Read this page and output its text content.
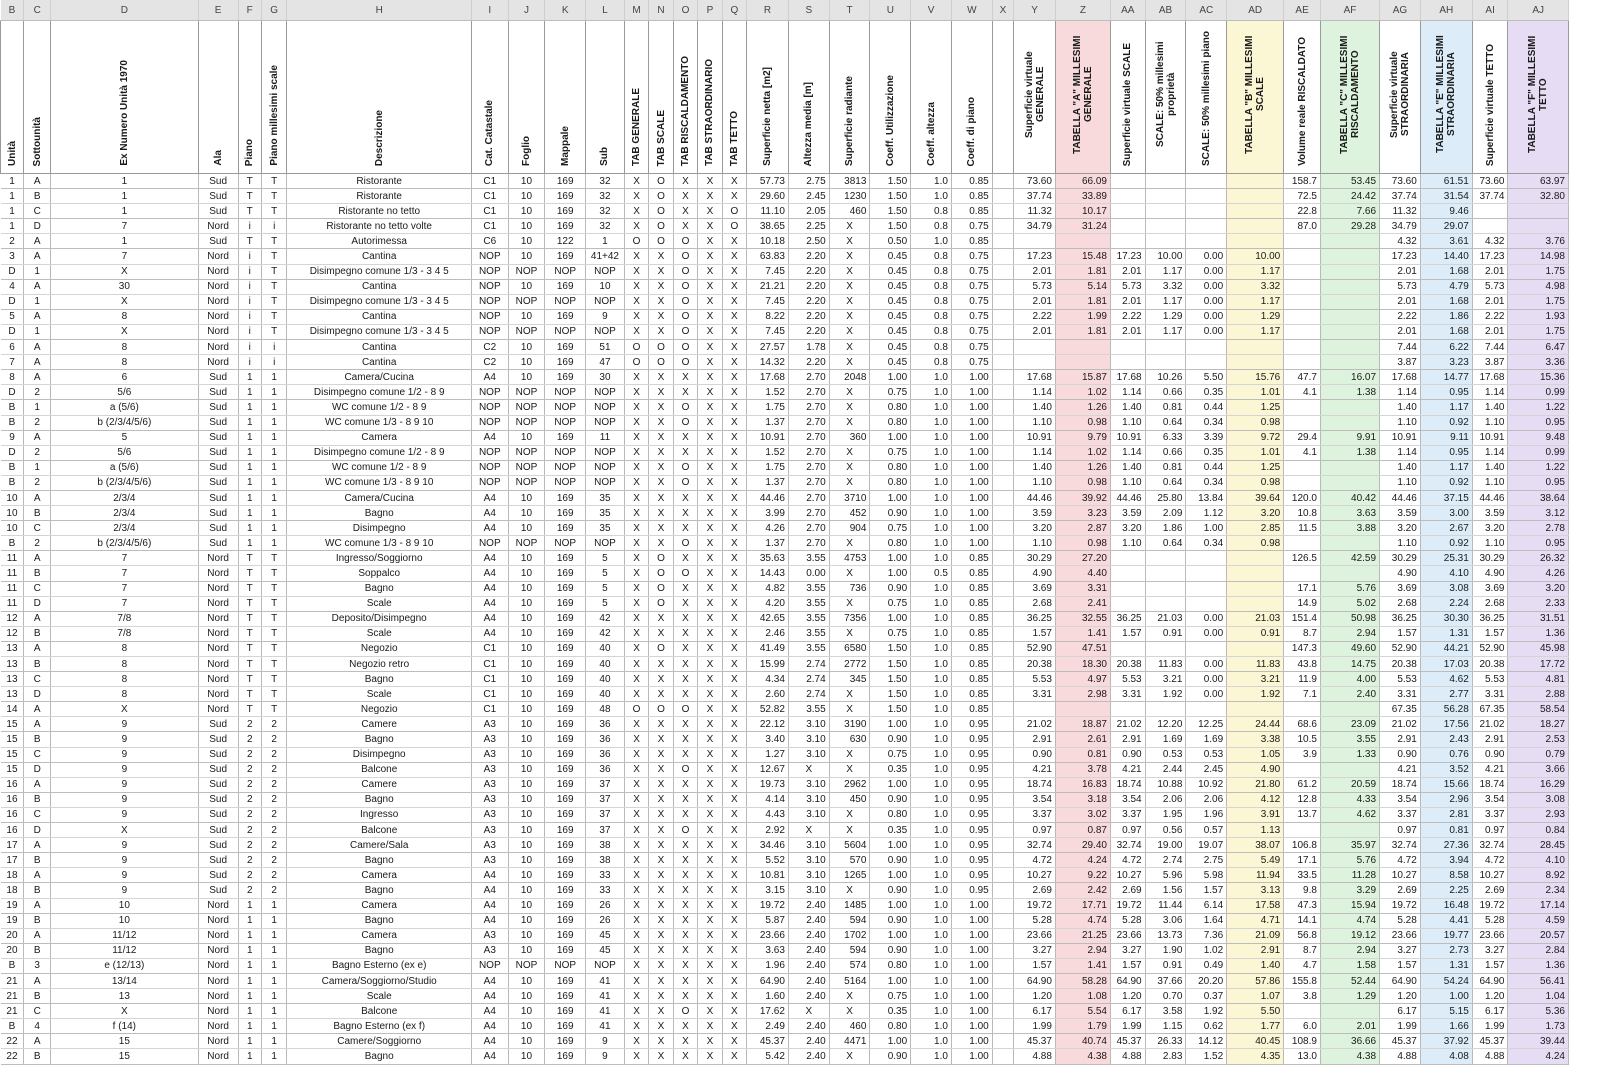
B	C	D	E	F	G	H	I	J	K	L	M	N	O	P	Q	R	S	T	U	V	W	X	Y	Z	AA	AB	AC	AD	AE	AF	AG	AH	AI	AJ
Unità	Sottounità	Ex Numero Unità 1970	Ala	Piano	Piano millesimi scale	Descrizione	Cat. Catastale	Foglio	Mappale	Sub	TAB GENERALE	TAB SCALE	TAB RISCALDAMENTO	TAB STRAORDINARIO	TAB TETTO	Superficie netta [m2]	Altezza media [m]	Superficie radiante	Coeff. Utilizzazione	Coeff. altezza	Coeff. di piano		Superficie virtuale GENERALE	TABELLA "A" MILLESIMI GENERALE	Superficie virtuale SCALE	SCALE: 50% millesimi proprietà	SCALE: 50% millesimi piano	TABELLA "B" MILLESIMI SCALE	Volume reale RISCALDATO	TABELLA "C" MILLESIMI RISCALDAMENTO	Superficie virtuale STRAORDINARIA	TABELLA "E" MILLESIMI STRAORDINARIA	Superficie virtuale TETTO	TABELLA "F" MILLESIMI TETTO
1	A	1	Sud	T	T	Ristorante	C1	10	169	32	X	O	X	X	X	57.73	2.75	3813	1.50	1.0	0.85		73.60	66.09					158.7	53.45	73.60	61.51	73.60	63.97
1	B	1	Sud	T	T	Ristorante	C1	10	169	32	X	O	X	X	X	29.60	2.45	1230	1.50	1.0	0.85		37.74	33.89					72.5	24.42	37.74	31.54	37.74	32.80
1	C	1	Sud	T	T	Ristorante no tetto	C1	10	169	32	X	O	X	X	O	11.10	2.05	460	1.50	0.8	0.85		11.32	10.17					22.8	7.66	11.32	9.46		
1	D	7	Nord	i	i	Ristorante no tetto volte	C1	10	169	32	X	O	X	X	O	38.65	2.25	X	1.50	0.8	0.75		34.79	31.24					87.0	29.28	34.79	29.07		
2	A	1	Sud	T	T	Autorimessa	C6	10	122	1	O	O	O	X	X	10.18	2.50	X	0.50	1.0	0.85										4.32	3.61	4.32	3.76
3	A	7	Nord	i	T	Cantina	NOP	10	169	41+42	X	X	O	X	X	63.83	2.20	X	0.45	0.8	0.75		17.23	15.48	17.23	10.00	0.00	10.00			17.23	14.40	17.23	14.98
D	1	X	Nord	i	T	Disimpegno comune 1/3 - 3 4 5	NOP	NOP	NOP	NOP	X	X	O	X	X	7.45	2.20	X	0.45	0.8	0.75		2.01	1.81	2.01	1.17	0.00	1.17			2.01	1.68	2.01	1.75
4	A	30	Nord	i	T	Cantina	NOP	10	169	10	X	X	O	X	X	21.21	2.20	X	0.45	0.8	0.75		5.73	5.14	5.73	3.32	0.00	3.32			5.73	4.79	5.73	4.98
D	1	X	Nord	i	T	Disimpegno comune 1/3 - 3 4 5	NOP	NOP	NOP	NOP	X	X	O	X	X	7.45	2.20	X	0.45	0.8	0.75		2.01	1.81	2.01	1.17	0.00	1.17			2.01	1.68	2.01	1.75
5	A	8	Nord	i	T	Cantina	NOP	10	169	9	X	X	O	X	X	8.22	2.20	X	0.45	0.8	0.75		2.22	1.99	2.22	1.29	0.00	1.29			2.22	1.86	2.22	1.93
D	1	X	Nord	i	T	Disimpegno comune 1/3 - 3 4 5	NOP	NOP	NOP	NOP	X	X	O	X	X	7.45	2.20	X	0.45	0.8	0.75		2.01	1.81	2.01	1.17	0.00	1.17			2.01	1.68	2.01	1.75
6	A	8	Nord	i	i	Cantina	C2	10	169	51	O	O	O	X	X	27.57	1.78	X	0.45	0.8	0.75										7.44	6.22	7.44	6.47
7	A	8	Nord	i	i	Cantina	C2	10	169	47	O	O	O	X	X	14.32	2.20	X	0.45	0.8	0.75										3.87	3.23	3.87	3.36
8	A	6	Sud	1	1	Camera/Cucina	A4	10	169	30	X	X	X	X	X	17.68	2.70	2048	1.00	1.0	1.00		17.68	15.87	17.68	10.26	5.50	15.76	47.7	16.07	17.68	14.77	17.68	15.36
D	2	5/6	Sud	1	1	Disimpegno comune 1/2 - 8 9	NOP	NOP	NOP	NOP	X	X	X	X	X	1.52	2.70	X	0.75	1.0	1.00		1.14	1.02	1.14	0.66	0.35	1.01	4.1	1.38	1.14	0.95	1.14	0.99
B	1	a (5/6)	Sud	1	1	WC comune 1/2 - 8 9	NOP	NOP	NOP	NOP	X	X	O	X	X	1.75	2.70	X	0.80	1.0	1.00		1.40	1.26	1.40	0.81	0.44	1.25			1.40	1.17	1.40	1.22
B	2	b (2/3/4/5/6)	Sud	1	1	WC comune 1/3 - 8 9 10	NOP	NOP	NOP	NOP	X	X	O	X	X	1.37	2.70	X	0.80	1.0	1.00		1.10	0.98	1.10	0.64	0.34	0.98			1.10	0.92	1.10	0.95
9	A	5	Sud	1	1	Camera	A4	10	169	11	X	X	X	X	X	10.91	2.70	360	1.00	1.0	1.00		10.91	9.79	10.91	6.33	3.39	9.72	29.4	9.91	10.91	9.11	10.91	9.48
D	2	5/6	Sud	1	1	Disimpegno comune 1/2 - 8 9	NOP	NOP	NOP	NOP	X	X	X	X	X	1.52	2.70	X	0.75	1.0	1.00		1.14	1.02	1.14	0.66	0.35	1.01	4.1	1.38	1.14	0.95	1.14	0.99
B	1	a (5/6)	Sud	1	1	WC comune 1/2 - 8 9	NOP	NOP	NOP	NOP	X	X	O	X	X	1.75	2.70	X	0.80	1.0	1.00		1.40	1.26	1.40	0.81	0.44	1.25			1.40	1.17	1.40	1.22
B	2	b (2/3/4/5/6)	Sud	1	1	WC comune 1/3 - 8 9 10	NOP	NOP	NOP	NOP	X	X	O	X	X	1.37	2.70	X	0.80	1.0	1.00		1.10	0.98	1.10	0.64	0.34	0.98			1.10	0.92	1.10	0.95
10	A	2/3/4	Sud	1	1	Camera/Cucina	A4	10	169	35	X	X	X	X	X	44.46	2.70	3710	1.00	1.0	1.00		44.46	39.92	44.46	25.80	13.84	39.64	120.0	40.42	44.46	37.15	44.46	38.64
10	B	2/3/4	Sud	1	1	Bagno	A4	10	169	35	X	X	X	X	X	3.99	2.70	452	0.90	1.0	1.00		3.59	3.23	3.59	2.09	1.12	3.20	10.8	3.63	3.59	3.00	3.59	3.12
10	C	2/3/4	Sud	1	1	Disimpegno	A4	10	169	35	X	X	X	X	X	4.26	2.70	904	0.75	1.0	1.00		3.20	2.87	3.20	1.86	1.00	2.85	11.5	3.88	3.20	2.67	3.20	2.78
B	2	b (2/3/4/5/6)	Sud	1	1	WC comune 1/3 - 8 9 10	NOP	NOP	NOP	NOP	X	X	O	X	X	1.37	2.70	X	0.80	1.0	1.00		1.10	0.98	1.10	0.64	0.34	0.98			1.10	0.92	1.10	0.95
11	A	7	Nord	T	T	Ingresso/Soggiorno	A4	10	169	5	X	O	X	X	X	35.63	3.55	4753	1.00	1.0	0.85		30.29	27.20					126.5	42.59	30.29	25.31	30.29	26.32
11	B	7	Nord	T	T	Soppalco	A4	10	169	5	X	O	O	X	X	14.43	0.00	X	1.00	0.5	0.85		4.90	4.40							4.90	4.10	4.90	4.26
11	C	7	Nord	T	T	Bagno	A4	10	169	5	X	O	X	X	X	4.82	3.55	736	0.90	1.0	0.85		3.69	3.31					17.1	5.76	3.69	3.08	3.69	3.20
11	D	7	Nord	T	T	Scale	A4	10	169	5	X	O	X	X	X	4.20	3.55	X	0.75	1.0	0.85		2.68	2.41					14.9	5.02	2.68	2.24	2.68	2.33
12	A	7/8	Nord	T	T	Deposito/Disimpegno	A4	10	169	42	X	X	X	X	X	42.65	3.55	7356	1.00	1.0	0.85		36.25	32.55	36.25	21.03	0.00	21.03	151.4	50.98	36.25	30.30	36.25	31.51
12	B	7/8	Nord	T	T	Scale	A4	10	169	42	X	X	X	X	X	2.46	3.55	X	0.75	1.0	0.85		1.57	1.41	1.57	0.91	0.00	0.91	8.7	2.94	1.57	1.31	1.57	1.36
13	A	8	Nord	T	T	Negozio	C1	10	169	40	X	O	X	X	X	41.49	3.55	6580	1.50	1.0	0.85		52.90	47.51					147.3	49.60	52.90	44.21	52.90	45.98
13	B	8	Nord	T	T	Negozio retro	C1	10	169	40	X	X	X	X	X	15.99	2.74	2772	1.50	1.0	0.85		20.38	18.30	20.38	11.83	0.00	11.83	43.8	14.75	20.38	17.03	20.38	17.72
13	C	8	Nord	T	T	Bagno	C1	10	169	40	X	X	X	X	X	4.34	2.74	345	1.50	1.0	0.85		5.53	4.97	5.53	3.21	0.00	3.21	11.9	4.00	5.53	4.62	5.53	4.81
13	D	8	Nord	T	T	Scale	C1	10	169	40	X	X	X	X	X	2.60	2.74	X	1.50	1.0	0.85		3.31	2.98	3.31	1.92	0.00	1.92	7.1	2.40	3.31	2.77	3.31	2.88
14	A	X	Nord	T	T	Negozio	C1	10	169	48	O	O	O	X	X	52.82	3.55	X	1.50	1.0	0.85										67.35	56.28	67.35	58.54
15	A	9	Sud	2	2	Camere	A3	10	169	36	X	X	X	X	X	22.12	3.10	3190	1.00	1.0	0.95		21.02	18.87	21.02	12.20	12.25	24.44	68.6	23.09	21.02	17.56	21.02	18.27
15	B	9	Sud	2	2	Bagno	A3	10	169	36	X	X	X	X	X	3.40	3.10	630	0.90	1.0	0.95		2.91	2.61	2.91	1.69	1.69	3.38	10.5	3.55	2.91	2.43	2.91	2.53
15	C	9	Sud	2	2	Disimpegno	A3	10	169	36	X	X	X	X	X	1.27	3.10	X	0.75	1.0	0.95		0.90	0.81	0.90	0.53	0.53	1.05	3.9	1.33	0.90	0.76	0.90	0.79
15	D	9	Sud	2	2	Balcone	A3	10	169	36	X	X	O	X	X	12.67	X	X	0.35	1.0	0.95		4.21	3.78	4.21	2.44	2.45	4.90			4.21	3.52	4.21	3.66
16	A	9	Sud	2	2	Camere	A3	10	169	37	X	X	X	X	X	19.73	3.10	2962	1.00	1.0	0.95		18.74	16.83	18.74	10.88	10.92	21.80	61.2	20.59	18.74	15.66	18.74	16.29
16	B	9	Sud	2	2	Bagno	A3	10	169	37	X	X	X	X	X	4.14	3.10	450	0.90	1.0	0.95		3.54	3.18	3.54	2.06	2.06	4.12	12.8	4.33	3.54	2.96	3.54	3.08
16	C	9	Sud	2	2	Ingresso	A3	10	169	37	X	X	X	X	X	4.43	3.10	X	0.80	1.0	0.95		3.37	3.02	3.37	1.95	1.96	3.91	13.7	4.62	3.37	2.81	3.37	2.93
16	D	X	Sud	2	2	Balcone	A3	10	169	37	X	X	O	X	X	2.92	X	X	0.35	1.0	0.95		0.97	0.87	0.97	0.56	0.57	1.13			0.97	0.81	0.97	0.84
17	A	9	Sud	2	2	Camere/Sala	A3	10	169	38	X	X	X	X	X	34.46	3.10	5604	1.00	1.0	0.95		32.74	29.40	32.74	19.00	19.07	38.07	106.8	35.97	32.74	27.36	32.74	28.45
17	B	9	Sud	2	2	Bagno	A3	10	169	38	X	X	X	X	X	5.52	3.10	570	0.90	1.0	0.95		4.72	4.24	4.72	2.74	2.75	5.49	17.1	5.76	4.72	3.94	4.72	4.10
18	A	9	Sud	2	2	Camera	A4	10	169	33	X	X	X	X	X	10.81	3.10	1265	1.00	1.0	0.95		10.27	9.22	10.27	5.96	5.98	11.94	33.5	11.28	10.27	8.58	10.27	8.92
18	B	9	Sud	2	2	Bagno	A4	10	169	33	X	X	X	X	X	3.15	3.10	X	0.90	1.0	0.95		2.69	2.42	2.69	1.56	1.57	3.13	9.8	3.29	2.69	2.25	2.69	2.34
19	A	10	Nord	1	1	Camera	A4	10	169	26	X	X	X	X	X	19.72	2.40	1485	1.00	1.0	1.00		19.72	17.71	19.72	11.44	6.14	17.58	47.3	15.94	19.72	16.48	19.72	17.14
19	B	10	Nord	1	1	Bagno	A4	10	169	26	X	X	X	X	X	5.87	2.40	594	0.90	1.0	1.00		5.28	4.74	5.28	3.06	1.64	4.71	14.1	4.74	5.28	4.41	5.28	4.59
20	A	11/12	Nord	1	1	Camera	A3	10	169	45	X	X	X	X	X	23.66	2.40	1702	1.00	1.0	1.00		23.66	21.25	23.66	13.73	7.36	21.09	56.8	19.12	23.66	19.77	23.66	20.57
20	B	11/12	Nord	1	1	Bagno	A3	10	169	45	X	X	X	X	X	3.63	2.40	594	0.90	1.0	1.00		3.27	2.94	3.27	1.90	1.02	2.91	8.7	2.94	3.27	2.73	3.27	2.84
B	3	e (12/13)	Nord	1	1	Bagno Esterno (ex e)	NOP	NOP	NOP	NOP	X	X	X	X	X	1.96	2.40	574	0.80	1.0	1.00		1.57	1.41	1.57	0.91	0.49	1.40	4.7	1.58	1.57	1.31	1.57	1.36
21	A	13/14	Nord	1	1	Camera/Soggiorno/Studio	A4	10	169	41	X	X	X	X	X	64.90	2.40	5164	1.00	1.0	1.00		64.90	58.28	64.90	37.66	20.20	57.86	155.8	52.44	64.90	54.24	64.90	56.41
21	B	13	Nord	1	1	Scale	A4	10	169	41	X	X	X	X	X	1.60	2.40	X	0.75	1.0	1.00		1.20	1.08	1.20	0.70	0.37	1.07	3.8	1.29	1.20	1.00	1.20	1.04
21	C	X	Nord	1	1	Balcone	A4	10	169	41	X	X	O	X	X	17.62	X	X	0.35	1.0	1.00		6.17	5.54	6.17	3.58	1.92	5.50			6.17	5.15	6.17	5.36
B	4	f (14)	Nord	1	1	Bagno Esterno (ex f)	A4	10	169	41	X	X	X	X	X	2.49	2.40	460	0.80	1.0	1.00		1.99	1.79	1.99	1.15	0.62	1.77	6.0	2.01	1.99	1.66	1.99	1.73
22	A	15	Nord	1	1	Camere/Soggiorno	A4	10	169	9	X	X	X	X	X	45.37	2.40	4471	1.00	1.0	1.00		45.37	40.74	45.37	26.33	14.12	40.45	108.9	36.66	45.37	37.92	45.37	39.44
22	B	15	Nord	1	1	Bagno	A4	10	169	9	X	X	X	X	X	5.42	2.40	X	0.90	1.0	1.00		4.88	4.38	4.88	2.83	1.52	4.35	13.0	4.38	4.88	4.08	4.88	4.24
